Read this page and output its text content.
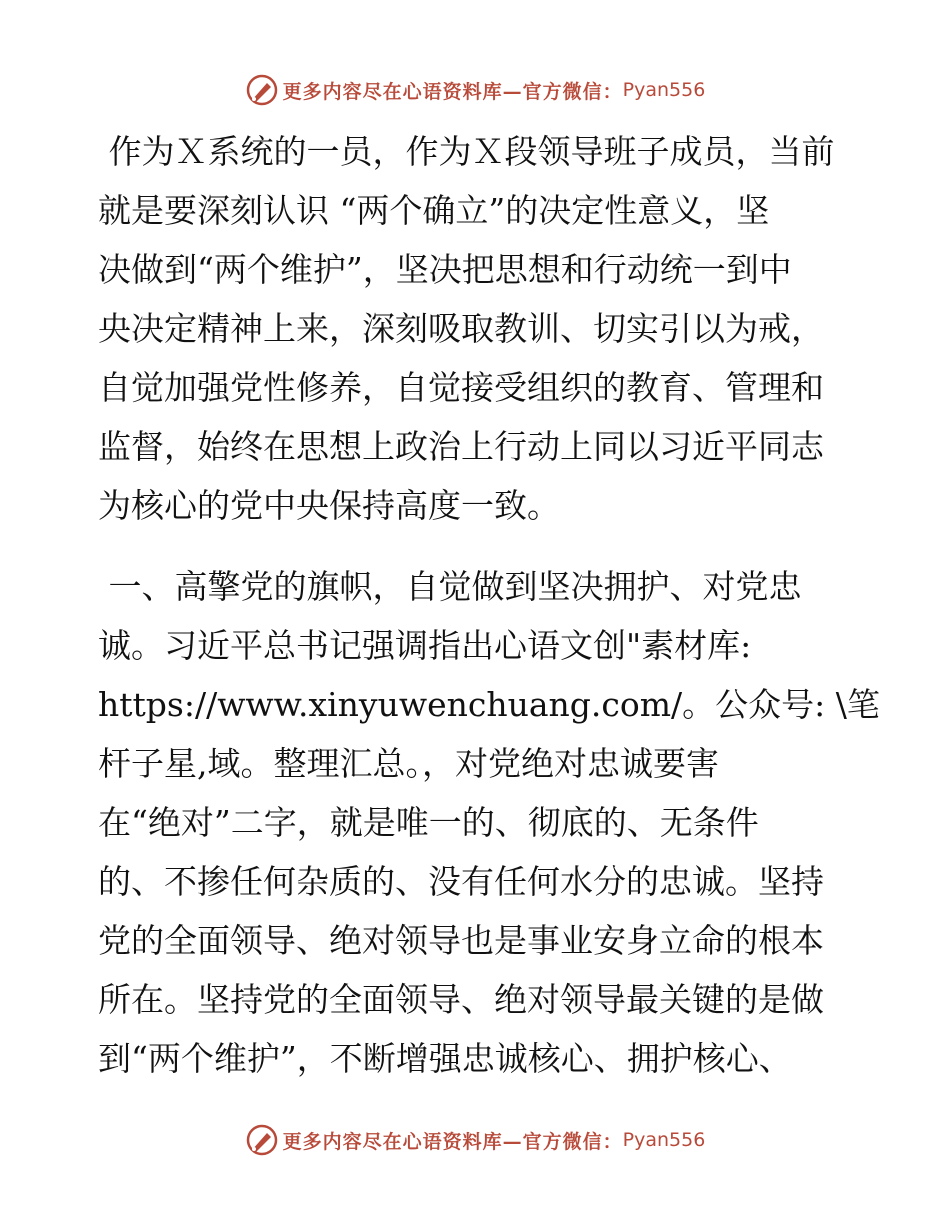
更多内容尽在心语资料库—官方微信： Pyan556
作为Ｘ系统的一员，作为Ｘ段领导班子成员，当前
就是要深刻认识 “两个确立”的决定性意义，坚
决做到“两个维护”，坚决把思想和行动统一到中
央决定精神上来，深刻吸取教训、切实引以为戒，
自觉加强党性修养，自觉接受组织的教育、管理和
监督，始终在思想上政治上行动上同以习近平同志
为核心的党中央保持高度一致。
一、高擎党的旗帜，自觉做到坚决拥护、对党忠
诚。习近平总书记强调指出心语文创"素材库:
https://www.xinyuwenchuang.com/。公众号: \笔
杆子星,域。整理汇总。，对党绝对忠诚要害
在“绝对”二字，就是唯一的、彻底的、无条件
的、不掺任何杂质的、没有任何水分的忠诚。坚持
党的全面领导、绝对领导也是事业安身立命的根本
所在。坚持党的全面领导、绝对领导最关键的是做
到“两个维护”，不断增强忠诚核心、拥护核心、
更多内容尽在心语资料库—官方微信： Pyan556
